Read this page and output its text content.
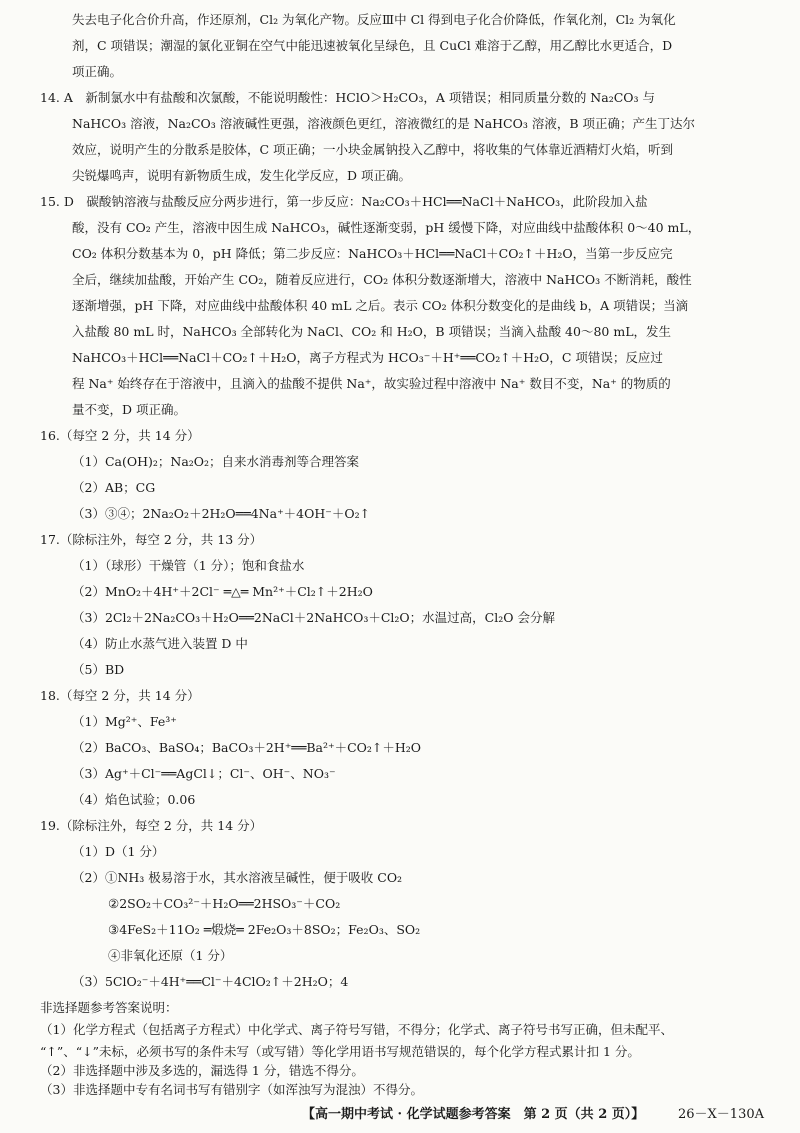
失去电子化合价升高，作还原剂，Cl₂ 为氧化产物。反应Ⅲ中 Cl 得到电子化合价降低，作氧化剂，Cl₂ 为氧化
剂，C 项错误；潮湿的氯化亚铜在空气中能迅速被氧化呈绿色，且 CuCl 难溶于乙醇，用乙醇比水更适合，D
项正确。
14. A　新制氯水中有盐酸和次氯酸，不能说明酸性：HClO＞H₂CO₃，A 项错误；相同质量分数的 Na₂CO₃ 与
NaHCO₃ 溶液，Na₂CO₃ 溶液碱性更强，溶液颜色更红，溶液微红的是 NaHCO₃ 溶液，B 项正确；产生丁达尔
效应，说明产生的分散系是胶体，C 项正确；一小块金属钠投入乙醇中，将收集的气体靠近酒精灯火焰，听到
尖锐爆鸣声，说明有新物质生成，发生化学反应，D 项正确。
15. D　碳酸钠溶液与盐酸反应分两步进行，第一步反应：Na₂CO₃＋HCl══NaCl＋NaHCO₃，此阶段加入盐
酸，没有 CO₂ 产生，溶液中因生成 NaHCO₃，碱性逐渐变弱，pH 缓慢下降，对应曲线中盐酸体积 0～40 mL，
CO₂ 体积分数基本为 0，pH 降低；第二步反应：NaHCO₃＋HCl══NaCl＋CO₂↑＋H₂O，当第一步反应完
全后，继续加盐酸，开始产生 CO₂，随着反应进行，CO₂ 体积分数逐渐增大，溶液中 NaHCO₃ 不断消耗，酸性
逐渐增强，pH 下降，对应曲线中盐酸体积 40 mL 之后。表示 CO₂ 体积分数变化的是曲线 b，A 项错误；当滴
入盐酸 80 mL 时，NaHCO₃ 全部转化为 NaCl、CO₂ 和 H₂O，B 项错误；当滴入盐酸 40～80 mL，发生
NaHCO₃＋HCl══NaCl＋CO₂↑＋H₂O，离子方程式为 HCO₃⁻＋H⁺══CO₂↑＋H₂O，C 项错误；反应过
程 Na⁺ 始终存在于溶液中，且滴入的盐酸不提供 Na⁺，故实验过程中溶液中 Na⁺ 数目不变，Na⁺ 的物质的
量不变，D 项正确。
16.（每空 2 分，共 14 分）
（1）Ca(OH)₂；Na₂O₂；自来水消毒剂等合理答案
（2）AB；CG
（3）③④；2Na₂O₂＋2H₂O══4Na⁺＋4OH⁻＋O₂↑
17.（除标注外，每空 2 分，共 13 分）
（1）（球形）干燥管（1 分）；饱和食盐水
（2）MnO₂＋4H⁺＋2Cl⁻ ═△═ Mn²⁺＋Cl₂↑＋2H₂O
（3）2Cl₂＋2Na₂CO₃＋H₂O══2NaCl＋2NaHCO₃＋Cl₂O；水温过高，Cl₂O 会分解
（4）防止水蒸气进入装置 D 中
（5）BD
18.（每空 2 分，共 14 分）
（1）Mg²⁺、Fe³⁺
（2）BaCO₃、BaSO₄；BaCO₃＋2H⁺══Ba²⁺＋CO₂↑＋H₂O
（3）Ag⁺＋Cl⁻══AgCl↓；Cl⁻、OH⁻、NO₃⁻
（4）焰色试验；0.06
19.（除标注外，每空 2 分，共 14 分）
（1）D（1 分）
（2）①NH₃ 极易溶于水，其水溶液呈碱性，便于吸收 CO₂
②2SO₂＋CO₃²⁻＋H₂O══2HSO₃⁻＋CO₂
③4FeS₂＋11O₂ ═煅烧═ 2Fe₂O₃＋8SO₂；Fe₂O₃、SO₂
④非氧化还原（1 分）
（3）5ClO₂⁻＋4H⁺══Cl⁻＋4ClO₂↑＋2H₂O；4
非选择题参考答案说明：
（1）化学方程式（包括离子方程式）中化学式、离子符号写错，不得分；化学式、离子符号书写正确，但未配平、
“↑”、“↓”未标，必须书写的条件未写（或写错）等化学用语书写规范错误的，每个化学方程式累计扣 1 分。
（2）非选择题中涉及多选的，漏选得 1 分，错选不得分。
（3）非选择题中专有名词书写有错别字（如浑浊写为混浊）不得分。
【高一期中考试 · 化学试题参考答案　第 2 页（共 2 页）】	26－X－130A
